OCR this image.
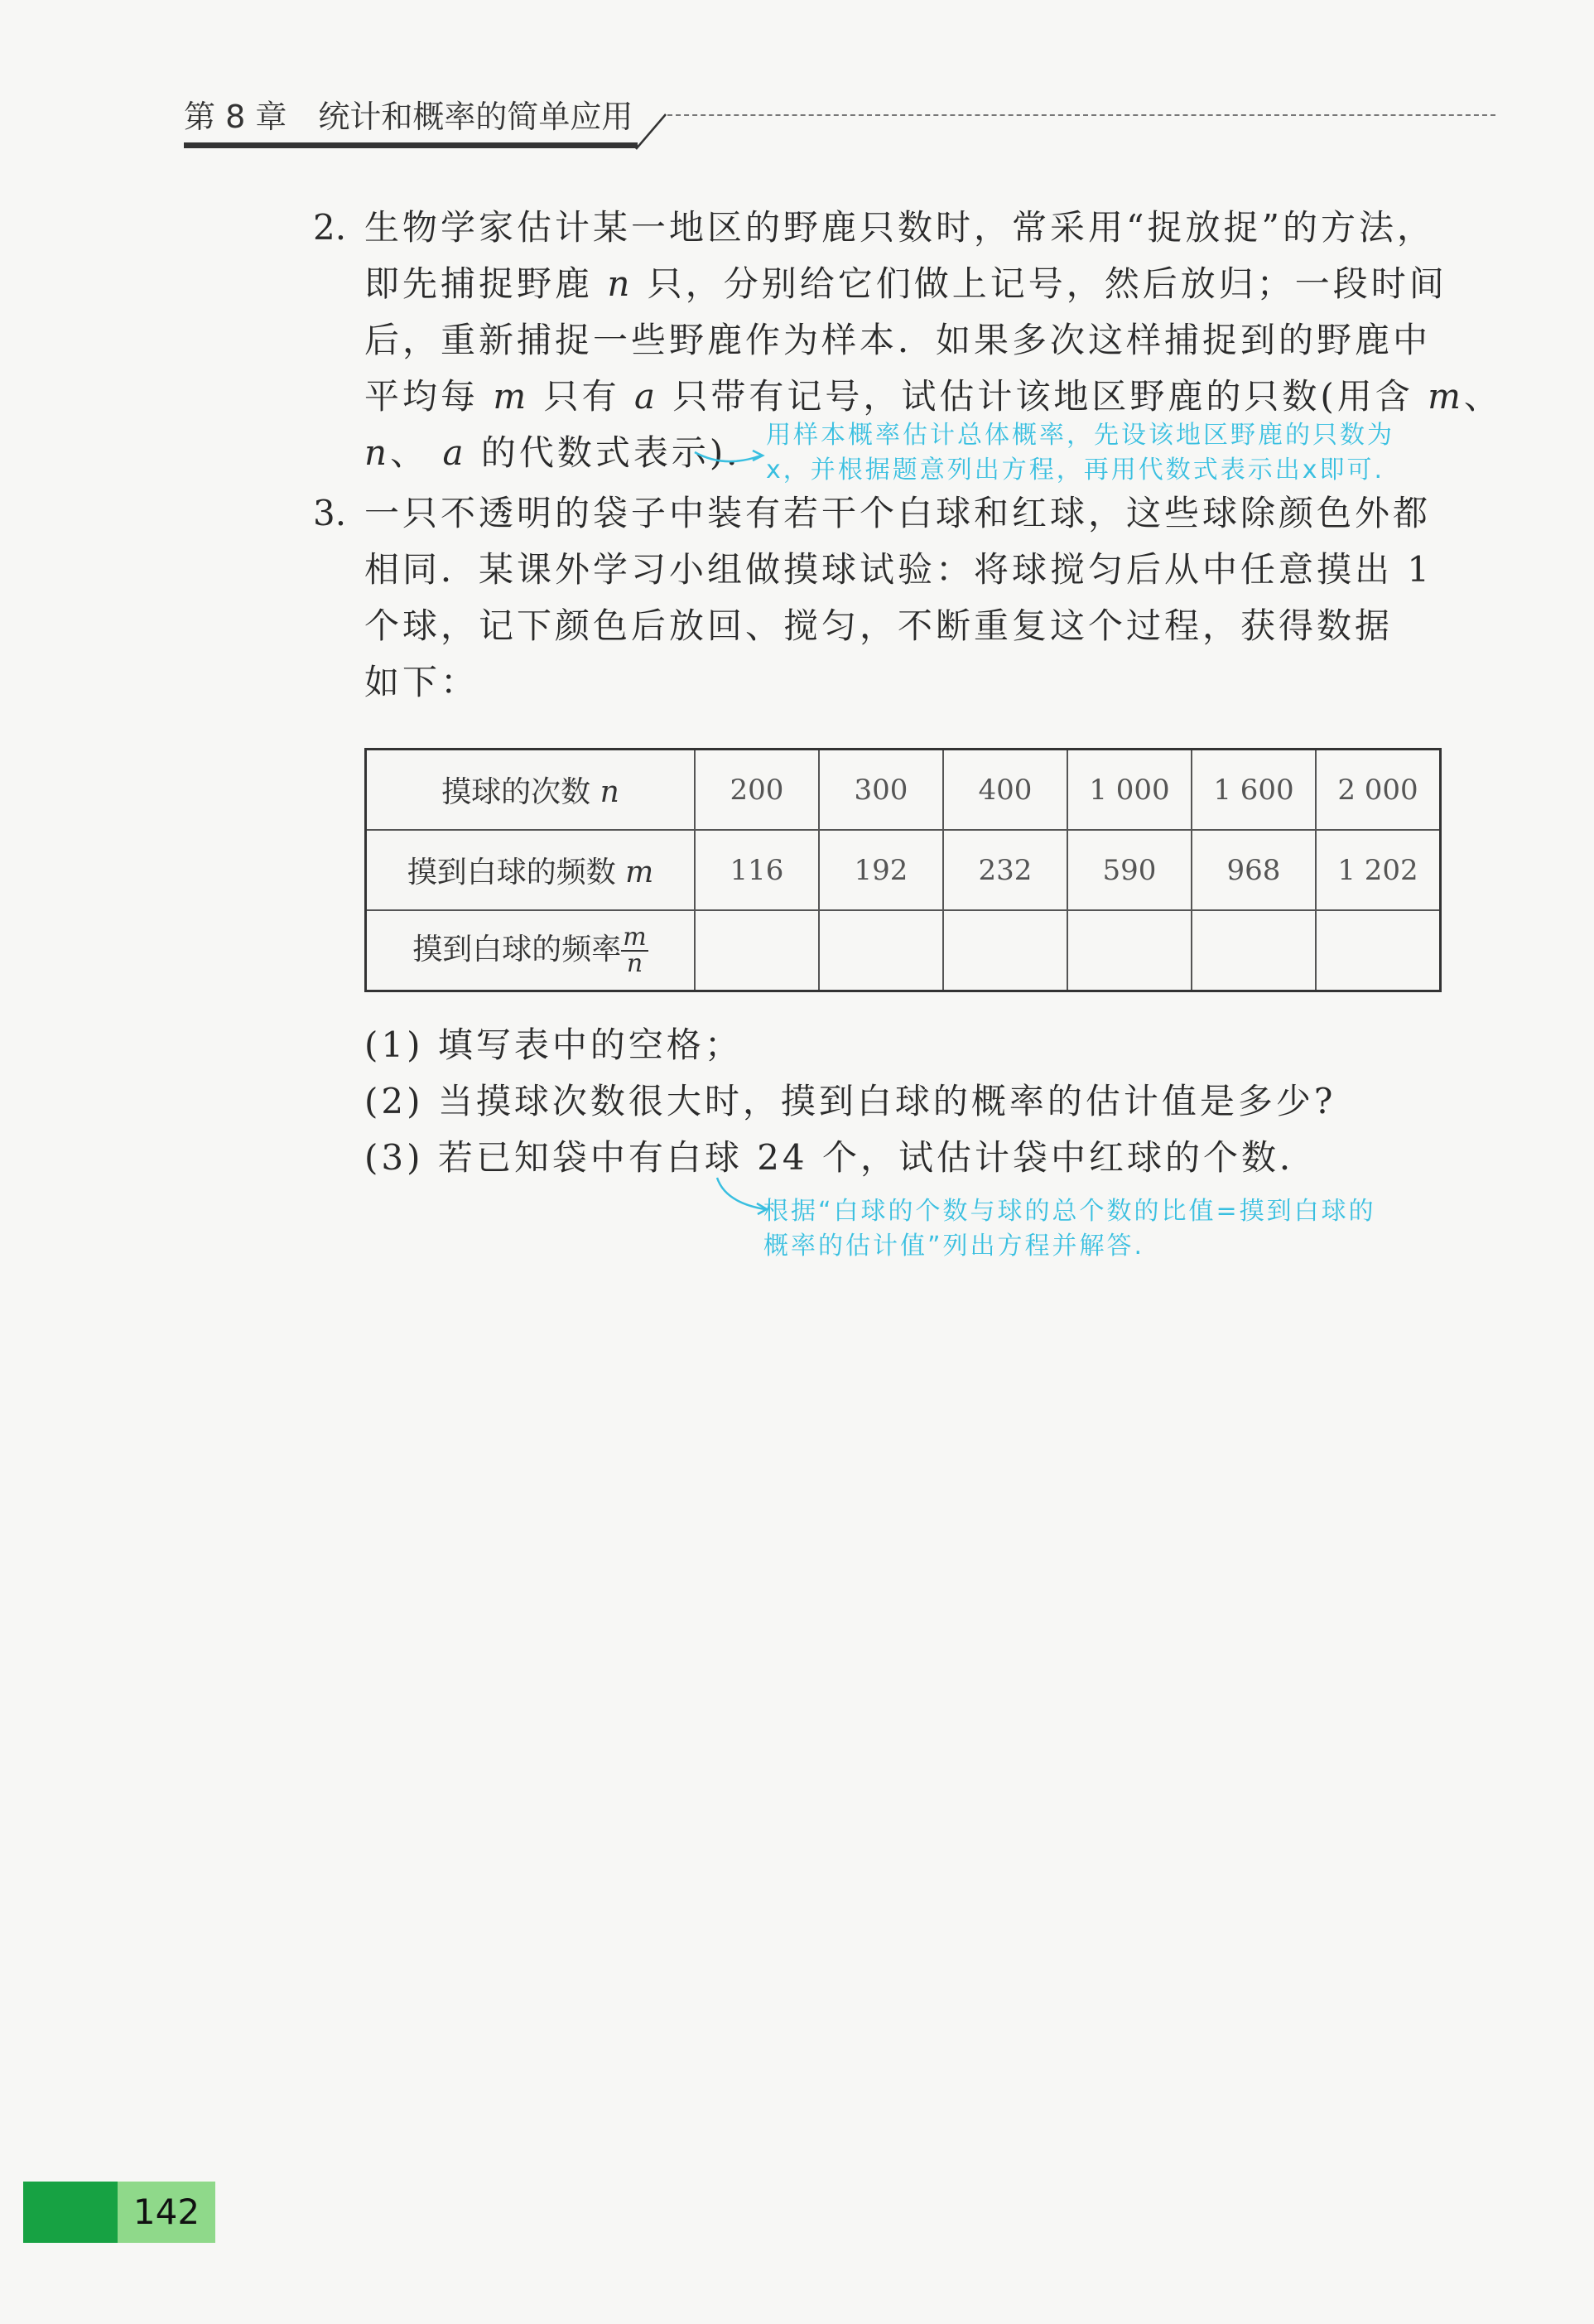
第 8 章 统计和概率的简单应用
2. 生物学家估计某一地区的野鹿只数时，常采用“捉放捉”的方法，
即先捕捉野鹿 n 只，分别给它们做上记号，然后放归；一段时间
后，重新捕捉一些野鹿作为样本．如果多次这样捕捉到的野鹿中
平均每 m 只有 a 只带有记号，试估计该地区野鹿的只数(用含 m、
n、 a 的代数式表示)． 用样本概率估计总体概率，先设该地区野鹿的只数为
x，并根据题意列出方程，再用代数式表示出x即可.
3. 一只不透明的袋子中装有若干个白球和红球，这些球除颜色外都
相同．某课外学习小组做摸球试验：将球搅匀后从中任意摸出 1
个球，记下颜色后放回、搅匀，不断重复这个过程，获得数据
如下：
摸球的次数 n	200	300	400	1 000	1 600	2 000
摸到白球的频数 m	116	192	232	590	968	1 202
摸到白球的频率 $\frac{m}{n}$

(1) 填写表中的空格；
(2) 当摸球次数很大时，摸到白球的概率的估计值是多少?
(3) 若已知袋中有白球 24 个，试估计袋中红球的个数．
根据“白球的个数与球的总个数的比值=摸到白球的
概率的估计值”列出方程并解答.
142
